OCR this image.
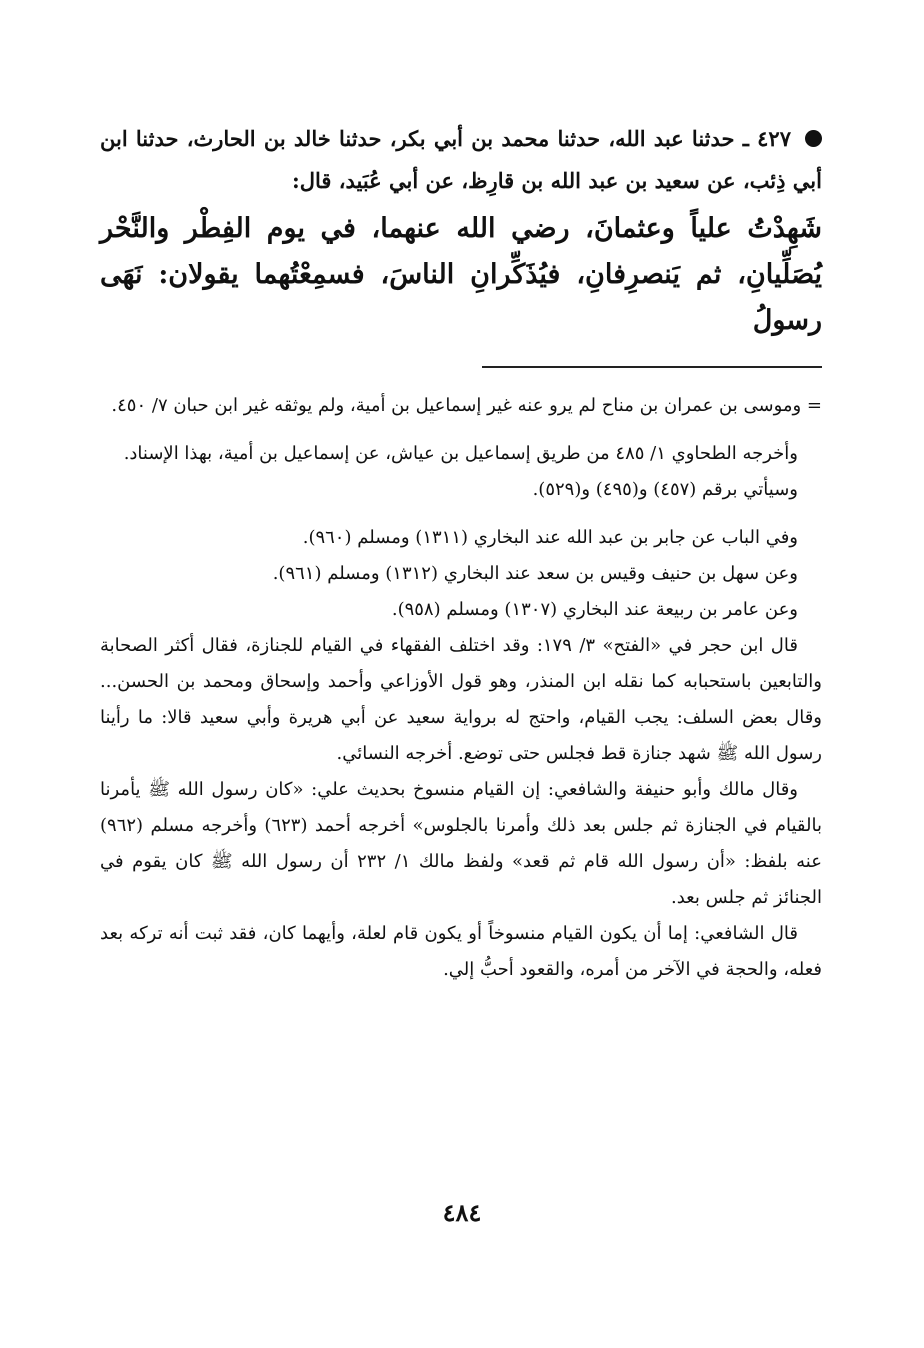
٤٢٧ ـ حدثنا عبد الله، حدثنا محمد بن أبي بكر، حدثنا خالد بن الحارث، حدثنا ابن أبي ذِئب، عن سعيد بن عبد الله بن قارِظ، عن أبي عُبَيد، قال:

شَهِدْتُ علياً وعثمانَ، رضي الله عنهما، في يوم الفِطْر والنَّحْر يُصَلِّيانِ، ثم يَنصرِفانِ، فيُذَكِّرانِ الناسَ، فسمِعْتُهما يقولان: نَهَى رسولُ

= وموسى بن عمران بن مناح لم يرو عنه غير إسماعيل بن أمية، ولم يوثقه غير ابن حبان ٧/ ٤٥٠.

وأخرجه الطحاوي ١/ ٤٨٥ من طريق إسماعيل بن عياش، عن إسماعيل بن أمية، بهذا الإسناد.

وسيأتي برقم (٤٥٧) و(٤٩٥) و(٥٢٩).

وفي الباب عن جابر بن عبد الله عند البخاري (١٣١١) ومسلم (٩٦٠).

وعن سهل بن حنيف وقيس بن سعد عند البخاري (١٣١٢) ومسلم (٩٦١).

وعن عامر بن ربيعة عند البخاري (١٣٠٧) ومسلم (٩٥٨).

قال ابن حجر في «الفتح» ٣/ ١٧٩: وقد اختلف الفقهاء في القيام للجنازة، فقال أكثر الصحابة والتابعين باستحبابه كما نقله ابن المنذر، وهو قول الأوزاعي وأحمد وإسحاق ومحمد بن الحسن... وقال بعض السلف: يجب القيام، واحتج له برواية سعيد عن أبي هريرة وأبي سعيد قالا: ما رأينا رسول الله ﷺ شهد جنازة قط فجلس حتى توضع. أخرجه النسائي.

وقال مالك وأبو حنيفة والشافعي: إن القيام منسوخ بحديث علي: «كان رسول الله ﷺ يأمرنا بالقيام في الجنازة ثم جلس بعد ذلك وأمرنا بالجلوس» أخرجه أحمد (٦٢٣) وأخرجه مسلم (٩٦٢) عنه بلفظ: «أن رسول الله قام ثم قعد» ولفظ مالك ١/ ٢٣٢ أن رسول الله ﷺ كان يقوم في الجنائز ثم جلس بعد.

قال الشافعي: إما أن يكون القيام منسوخاً أو يكون قام لعلة، وأيهما كان، فقد ثبت أنه تركه بعد فعله، والحجة في الآخر من أمره، والقعود أحبُّ إلي.

٤٨٤
